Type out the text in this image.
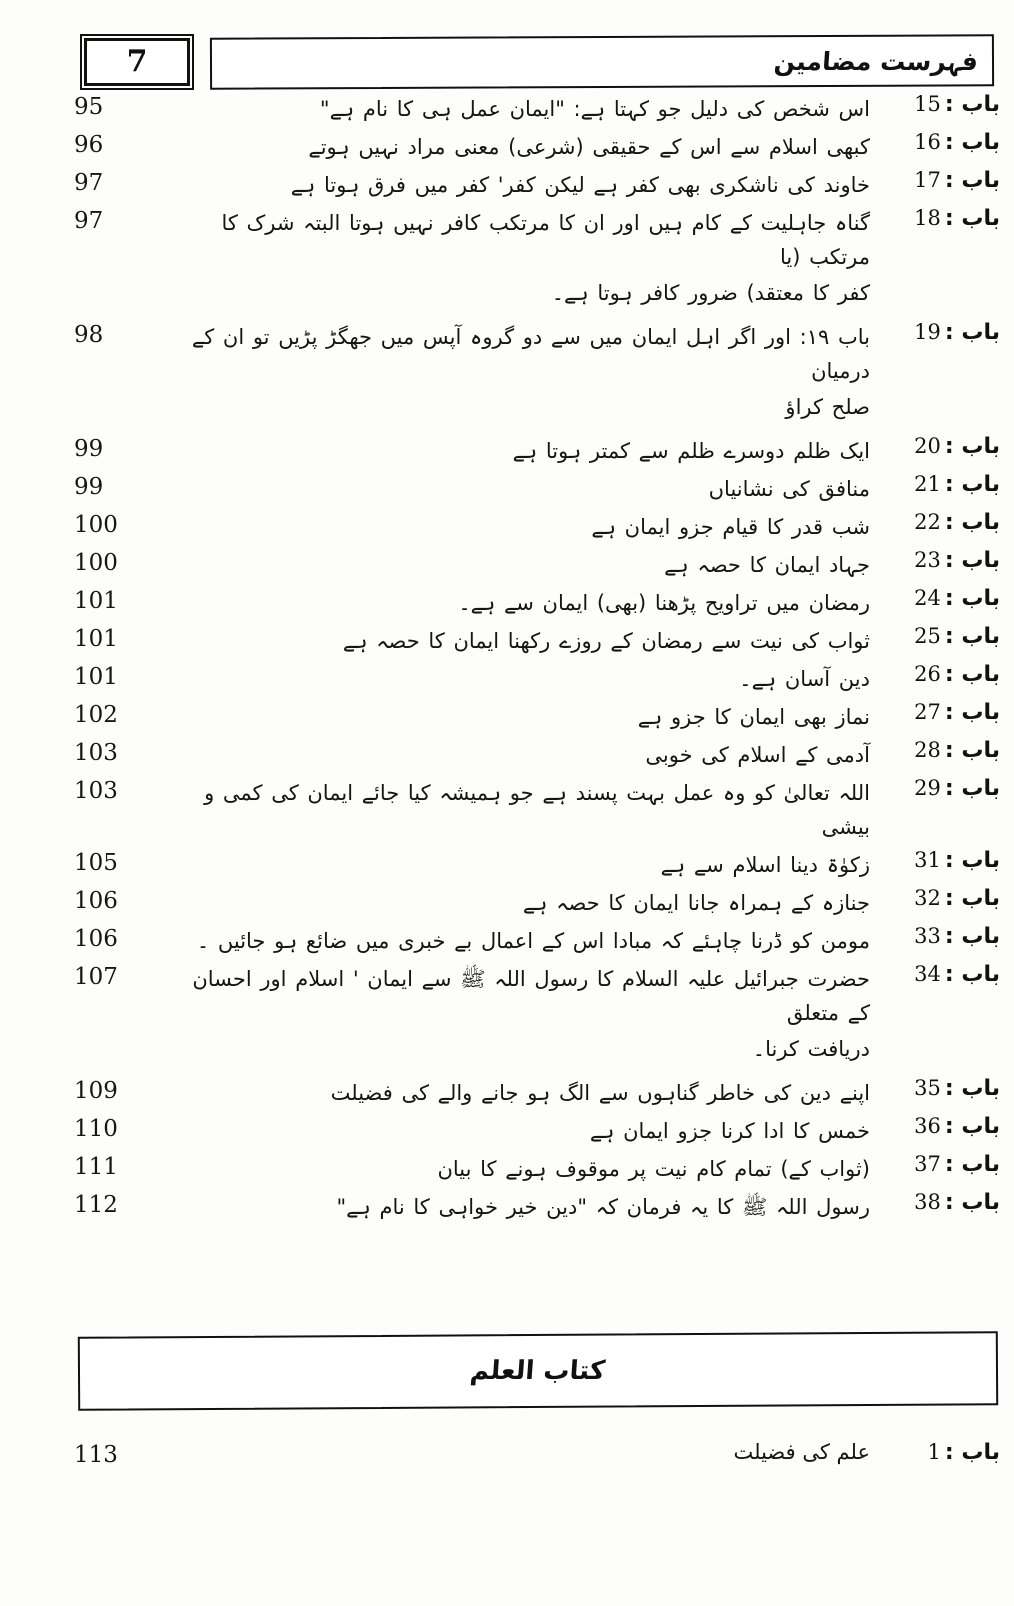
7	فہرست مضامین
95	باب :15
اس شخص کی دلیل جو کہتا ہے: "ایمان عمل ہی کا نام ہے"
96	باب :16
کبھی اسلام سے اس کے حقیقی (شرعی) معنی مراد نہیں ہوتے
97	باب :17
خاوند کی ناشکری بھی کفر ہے لیکن کفر' کفر میں فرق ہوتا ہے
97	باب :18
گناہ جاہلیت کے کام ہیں اور ان کا مرتکب کافر نہیں ہوتا البتہ شرک کا مرتکب (یا
کفر کا معتقد) ضرور کافر ہوتا ہے۔
98	باب :19
باب ۱۹: اور اگر اہل ایمان میں سے دو گروہ آپس میں جھگڑ پڑیں تو ان کے درمیان
صلح کراؤ
99	باب :20
ایک ظلم دوسرے ظلم سے کمتر ہوتا ہے
99	باب :21
منافق کی نشانیاں
100	باب :22
شب قدر کا قیام جزو ایمان ہے
100	باب :23
جہاد ایمان کا حصہ ہے
101	باب :24
رمضان میں تراویح پڑھنا (بھی) ایمان سے ہے۔
101	باب :25
ثواب کی نیت سے رمضان کے روزے رکھنا ایمان کا حصہ ہے
101	باب :26
دین آسان ہے۔
102	باب :27
نماز بھی ایمان کا جزو ہے
103	باب :28
آدمی کے اسلام کی خوبی
103	باب :29
اللہ تعالیٰ کو وہ عمل بہت پسند ہے جو ہمیشہ کیا جائے ایمان کی کمی و بیشی
105	باب :31
زکوٰۃ دینا اسلام سے ہے
106	باب :32
جنازہ کے ہمراہ جانا ایمان کا حصہ ہے
106	باب :33
مومن کو ڈرنا چاہئے کہ مبادا اس کے اعمال بے خبری میں ضائع ہو جائیں ۔
107	باب :34
حضرت جبرائیل علیہ السلام کا رسول اللہ ﷺ سے ایمان ' اسلام اور احسان کے متعلق
دریافت کرنا۔
109	باب :35
اپنے دین کی خاطر گناہوں سے الگ ہو جانے والے کی فضیلت
110	باب :36
خمس کا ادا کرنا جزو ایمان ہے
111	باب :37
(ثواب کے) تمام کام نیت پر موقوف ہونے کا بیان
112	باب :38
رسول اللہ ﷺ کا یہ فرمان کہ "دین خیر خواہی کا نام ہے"
کتاب العلم
113	باب :1
علم کی فضیلت
